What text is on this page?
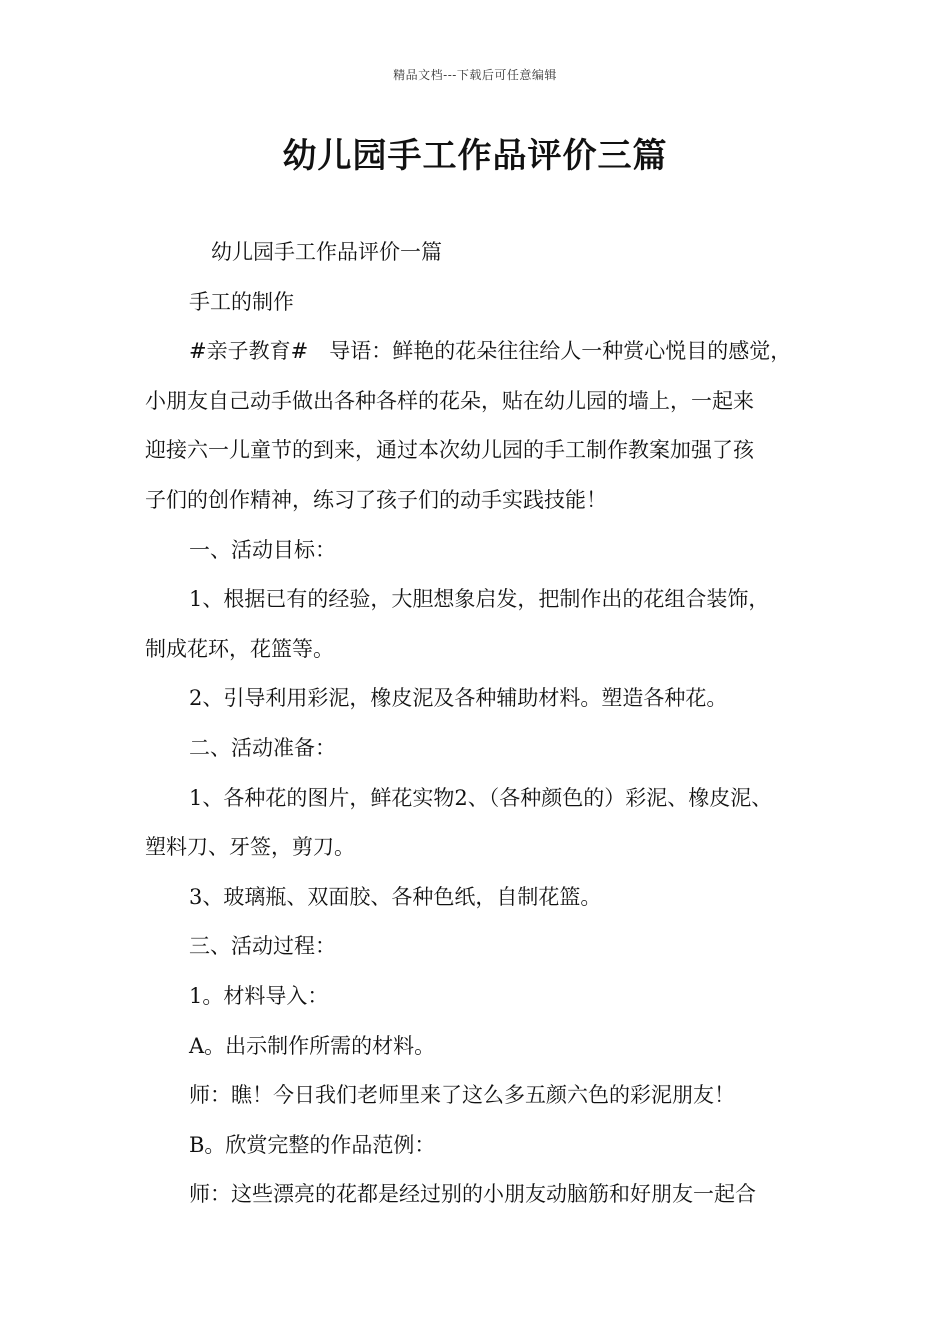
精品文档---下载后可任意编辑
幼儿园手工作品评价三篇

幼儿园手工作品评价一篇

手工的制作

#亲子教育#　导语：鲜艳的花朵往往给人一种赏心悦目的感觉，

小朋友自己动手做出各种各样的花朵，贴在幼儿园的墙上，一起来

迎接六一儿童节的到来，通过本次幼儿园的手工制作教案加强了孩

子们的创作精神，练习了孩子们的动手实践技能！

一、活动目标：

1、根据已有的经验，大胆想象启发，把制作出的花组合装饰，

制成花环，花篮等。

2、引导利用彩泥，橡皮泥及各种辅助材料。塑造各种花。

二、活动准备：

1、各种花的图片，鲜花实物2、（各种颜色的）彩泥、橡皮泥、

塑料刀、牙签，剪刀。

3、玻璃瓶、双面胶、各种色纸，自制花篮。

三、活动过程：

1。材料导入：

A。出示制作所需的材料。

师：瞧！今日我们老师里来了这么多五颜六色的彩泥朋友！

B。欣赏完整的作品范例：

师：这些漂亮的花都是经过别的小朋友动脑筋和好朋友一起合
